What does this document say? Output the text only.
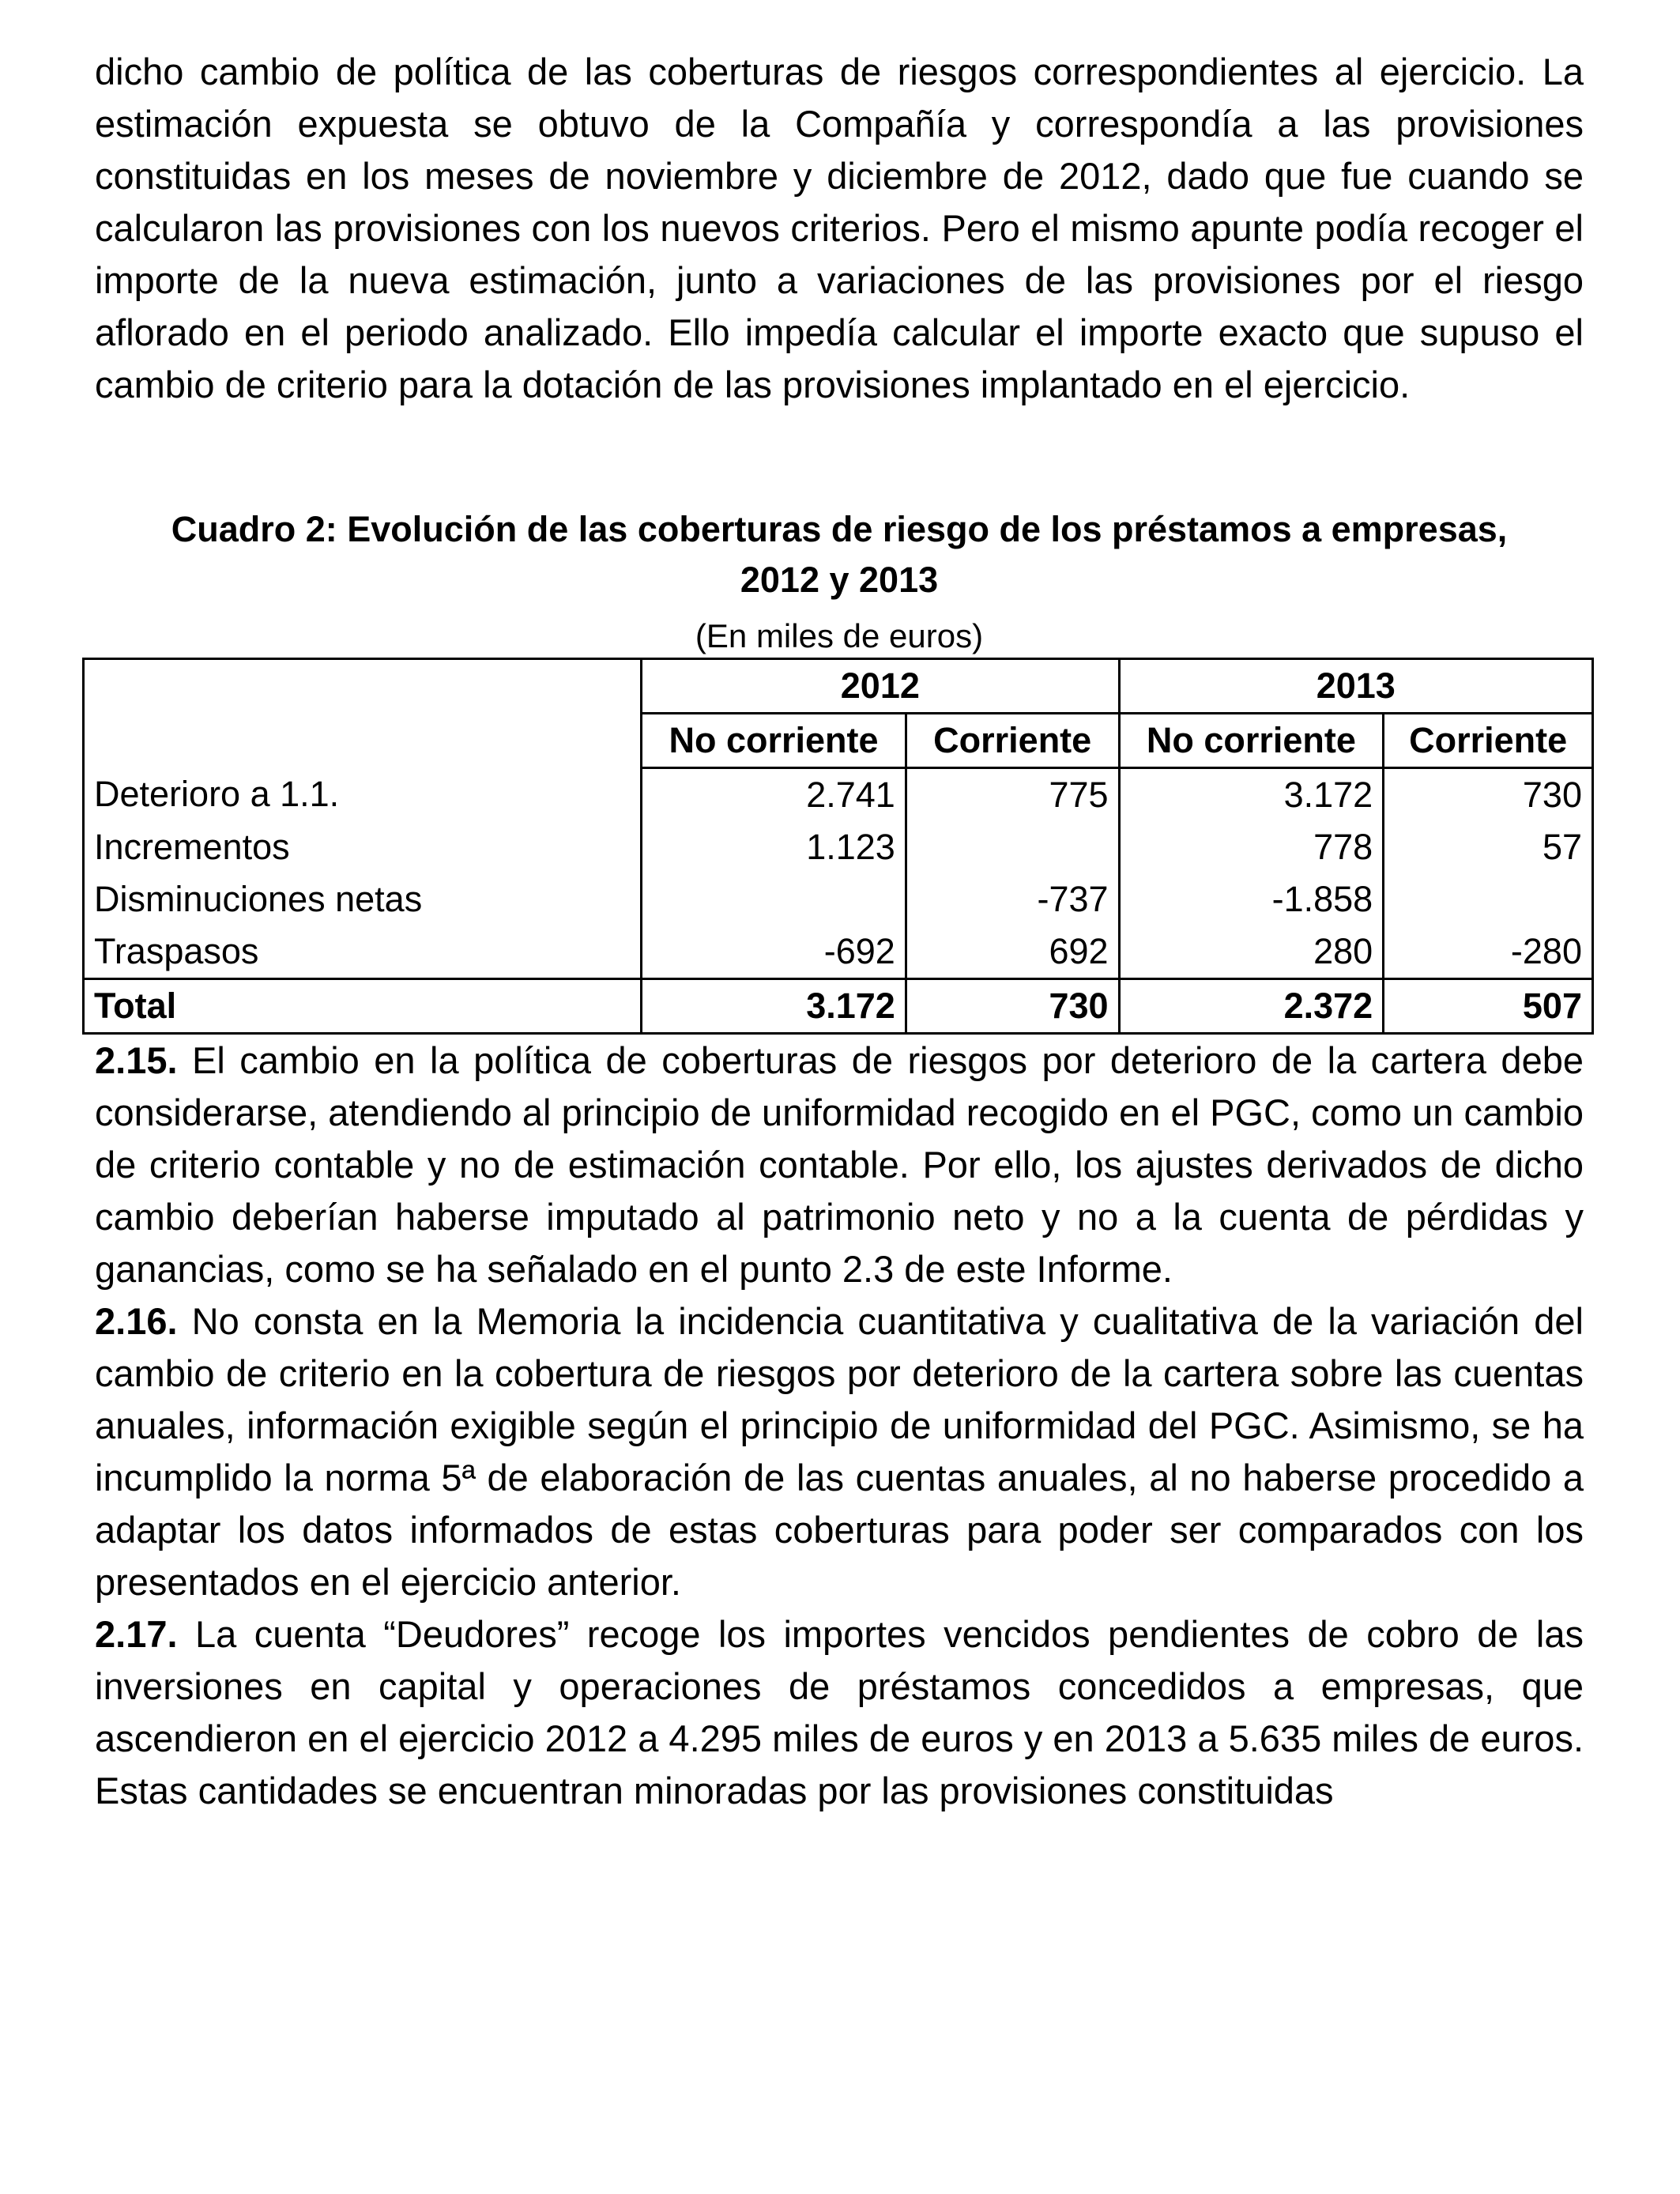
dicho cambio de política de las coberturas de riesgos correspondientes al ejercicio. La estimación expuesta se obtuvo de la Compañía y correspondía a las provisiones constituidas en los meses de noviembre y diciembre de 2012, dado que fue cuando se calcularon las provisiones con los nuevos criterios. Pero el mismo apunte podía recoger el importe de la nueva estimación, junto a variaciones de las provisiones por el riesgo aflorado en el periodo analizado. Ello impedía calcular el importe exacto que supuso el cambio de criterio para la dotación de las provisiones implantado en el ejercicio.

Cuadro 2: Evolución de las coberturas de riesgo de los préstamos a empresas,
2012 y 2013
(En miles de euros)
	2012		2013	
	No corriente	Corriente	No corriente	Corriente
Deterioro a 1.1.	2.741	775	3.172	730
Incrementos	1.123		778	57
Disminuciones netas		-737	-1.858	
Traspasos	-692	692	280	-280
Total	3.172	730	2.372	507

2.15. El cambio en la política de coberturas de riesgos por deterioro de la cartera debe considerarse, atendiendo al principio de uniformidad recogido en el PGC, como un cambio de criterio contable y no de estimación contable. Por ello, los ajustes derivados de dicho cambio deberían haberse imputado al patrimonio neto y no a la cuenta de pérdidas y ganancias, como se ha señalado en el punto 2.3 de este Informe.

2.16. No consta en la Memoria la incidencia cuantitativa y cualitativa de la variación del cambio de criterio en la cobertura de riesgos por deterioro de la cartera sobre las cuentas anuales, información exigible según el principio de uniformidad del PGC. Asimismo, se ha incumplido la norma 5ª de elaboración de las cuentas anuales, al no haberse procedido a adaptar los datos informados de estas coberturas para poder ser comparados con los presentados en el ejercicio anterior.

2.17. La cuenta “Deudores” recoge los importes vencidos pendientes de cobro de las inversiones en capital y operaciones de préstamos concedidos a empresas, que ascendieron en el ejercicio 2012 a 4.295 miles de euros y en 2013 a 5.635 miles de euros. Estas cantidades se encuentran minoradas por las provisiones constituidas
